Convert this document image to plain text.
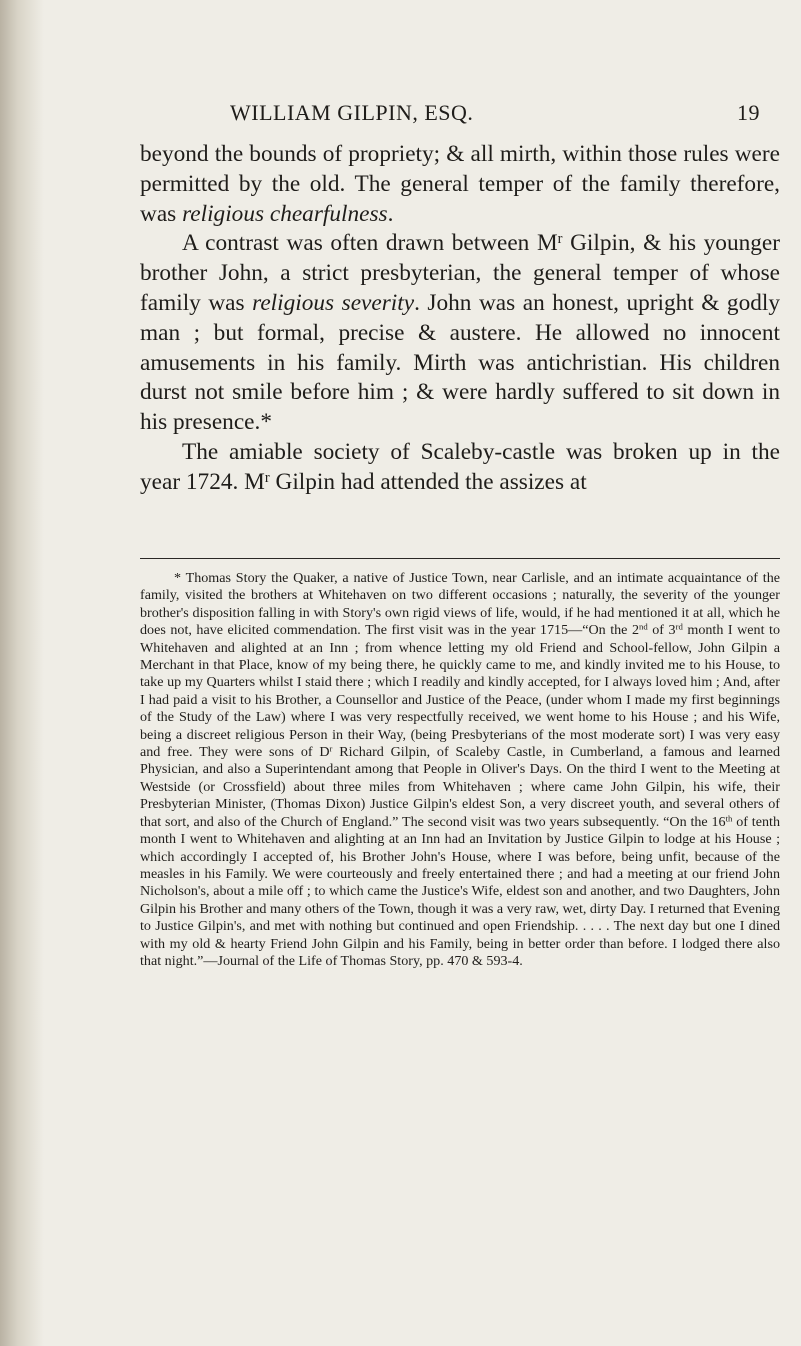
WILLIAM GILPIN, ESQ.	19

beyond the bounds of propriety; & all mirth, within those rules were permitted by the old. The general temper of the family therefore, was religious chearfulness.

A contrast was often drawn between $M^r$ Gilpin, & his younger brother John, a strict presbyterian, the general temper of whose family was religious severity. John was an honest, upright & godly man ; but formal, precise & austere. He allowed no innocent amusements in his family. Mirth was antichristian. His children durst not smile before him ; & were hardly suffered to sit down in his presence.*

The amiable society of Scaleby-castle was broken up in the year 1724. $M^r$ Gilpin had attended the assizes at

* Thomas Story the Quaker, a native of Justice Town, near Carlisle, and an intimate acquaintance of the family, visited the brothers at Whitehaven on two different occasions ; naturally, the severity of the younger brother's disposition falling in with Story's own rigid views of life, would, if he had mentioned it at all, which he does not, have elicited commendation. The first visit was in the year 1715—“On the 2nd of 3rd month I went to Whitehaven and alighted at an Inn ; from whence letting my old Friend and School-fellow, John Gilpin a Merchant in that Place, know of my being there, he quickly came to me, and kindly invited me to his House, to take up my Quarters whilst I staid there ; which I readily and kindly accepted, for I always loved him ; And, after I had paid a visit to his Brother, a Counsellor and Justice of the Peace, (under whom I made my first beginnings of the Study of the Law) where I was very respectfully received, we went home to his House ; and his Wife, being a discreet religious Person in their Way, (being Presbyterians of the most moderate sort) I was very easy and free. They were sons of $D^r$ Richard Gilpin, of Scaleby Castle, in Cumberland, a famous and learned Physician, and also a Superintendant among that People in Oliver's Days. On the third I went to the Meeting at Westside (or Crossfield) about three miles from Whitehaven ; where came John Gilpin, his wife, their Presbyterian Minister, (Thomas Dixon) Justice Gilpin's eldest Son, a very discreet youth, and several others of that sort, and also of the Church of England.” The second visit was two years subsequently. “On the 16th of tenth month I went to Whitehaven and alighting at an Inn had an Invitation by Justice Gilpin to lodge at his House ; which accordingly I accepted of, his Brother John's House, where I was before, being unfit, because of the measles in his Family. We were courteously and freely entertained there ; and had a meeting at our friend John Nicholson's, about a mile off ; to which came the Justice's Wife, eldest son and another, and two Daughters, John Gilpin his Brother and many others of the Town, though it was a very raw, wet, dirty Day. I returned that Evening to Justice Gilpin's, and met with nothing but continued and open Friendship. . . . . The next day but one I dined with my old & hearty Friend John Gilpin and his Family, being in better order than before. I lodged there also that night.”—Journal of the Life of Thomas Story, pp. 470 & 593-4.
